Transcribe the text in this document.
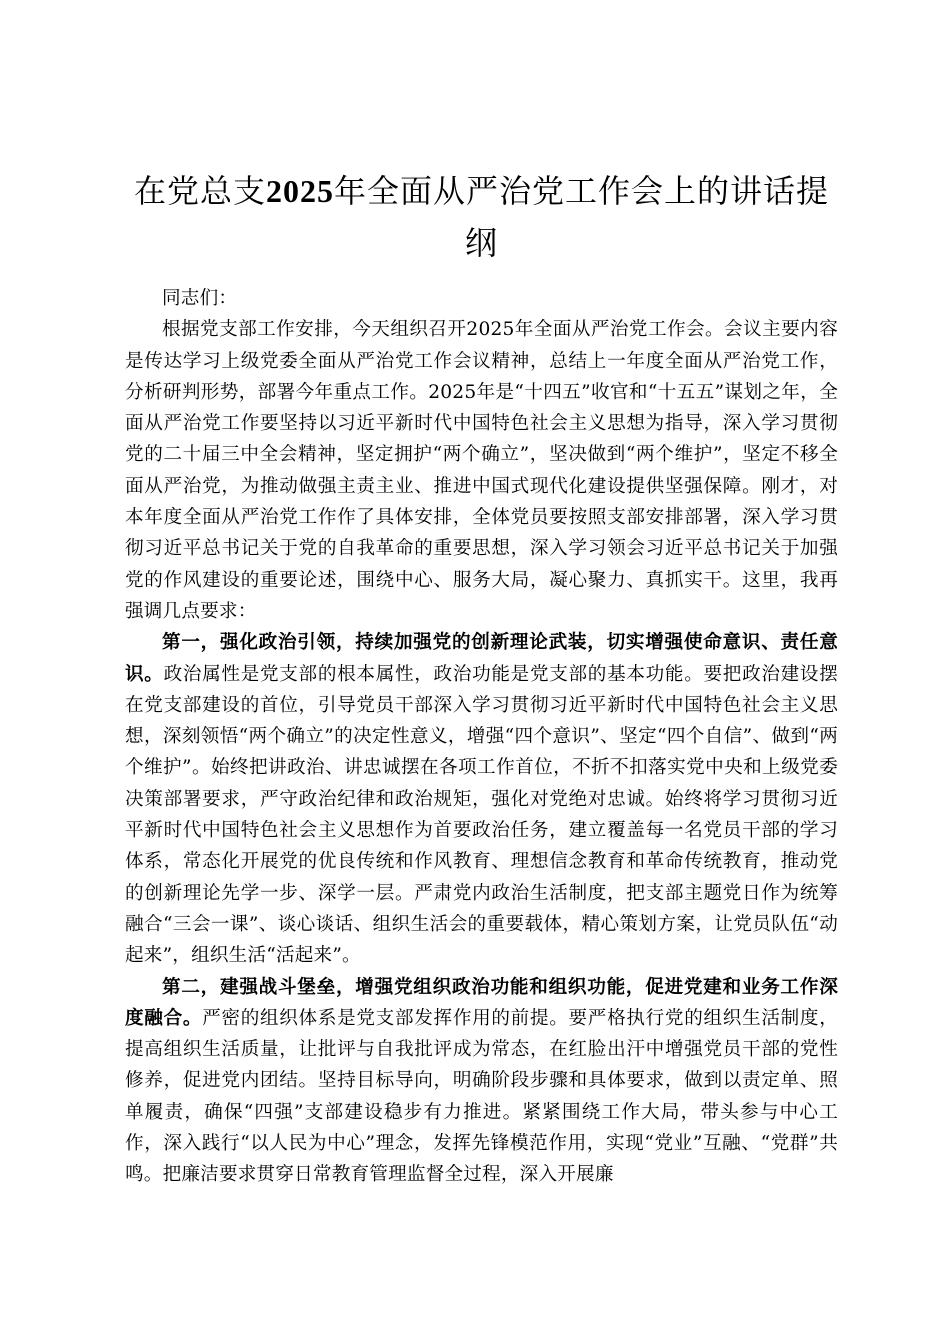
在党总支2025年全面从严治党工作会上的讲话提纲

同志们：

根据党支部工作安排，今天组织召开2025年全面从严治党工作会。会议主要内容是传达学习上级党委全面从严治党工作会议精神，总结上一年度全面从严治党工作，分析研判形势，部署今年重点工作。2025年是“十四五”收官和“十五五”谋划之年，全面从严治党工作要坚持以习近平新时代中国特色社会主义思想为指导，深入学习贯彻党的二十届三中全会精神，坚定拥护“两个确立”，坚决做到“两个维护”，坚定不移全面从严治党，为推动做强主责主业、推进中国式现代化建设提供坚强保障。刚才，对本年度全面从严治党工作作了具体安排，全体党员要按照支部安排部署，深入学习贯彻习近平总书记关于党的自我革命的重要思想，深入学习领会习近平总书记关于加强党的作风建设的重要论述，围绕中心、服务大局，凝心聚力、真抓实干。这里，我再强调几点要求：

第一，强化政治引领，持续加强党的创新理论武装，切实增强使命意识、责任意识。政治属性是党支部的根本属性，政治功能是党支部的基本功能。要把政治建设摆在党支部建设的首位，引导党员干部深入学习贯彻习近平新时代中国特色社会主义思想，深刻领悟“两个确立”的决定性意义，增强“四个意识”、坚定“四个自信”、做到“两个维护”。始终把讲政治、讲忠诚摆在各项工作首位，不折不扣落实党中央和上级党委决策部署要求，严守政治纪律和政治规矩，强化对党绝对忠诚。始终将学习贯彻习近平新时代中国特色社会主义思想作为首要政治任务，建立覆盖每一名党员干部的学习体系，常态化开展党的优良传统和作风教育、理想信念教育和革命传统教育，推动党的创新理论先学一步、深学一层。严肃党内政治生活制度，把支部主题党日作为统筹融合“三会一课”、谈心谈话、组织生活会的重要载体，精心策划方案，让党员队伍“动起来”，组织生活“活起来”。

第二，建强战斗堡垒，增强党组织政治功能和组织功能，促进党建和业务工作深度融合。严密的组织体系是党支部发挥作用的前提。要严格执行党的组织生活制度，提高组织生活质量，让批评与自我批评成为常态，在红脸出汗中增强党员干部的党性修养，促进党内团结。坚持目标导向，明确阶段步骤和具体要求，做到以责定单、照单履责，确保“四强”支部建设稳步有力推进。紧紧围绕工作大局，带头参与中心工作，深入践行“以人民为中心”理念，发挥先锋模范作用，实现“党业”互融、“党群”共鸣。把廉洁要求贯穿日常教育管理监督全过程，深入开展廉
